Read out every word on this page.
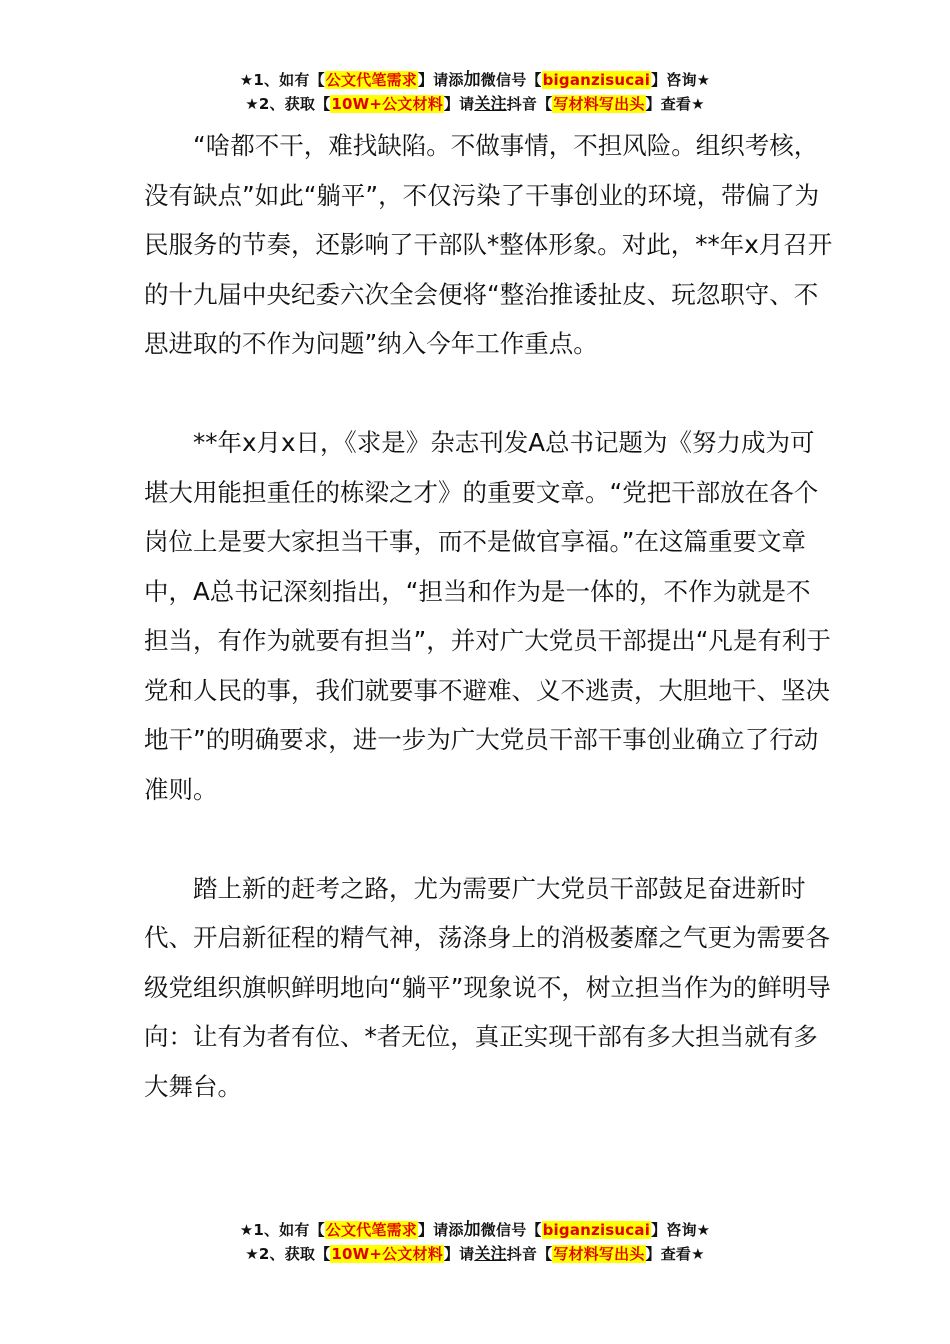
★1、如有【公文代笔需求】请添加微信号【biganzisucai】咨询★
★2、获取【10W+公文材料】请关注抖音【写材料写出头】查看★

“啥都不干，难找缺陷。不做事情，不担风险。组织考核，没有缺点”如此“躺平”，不仅污染了干事创业的环境，带偏了为民服务的节奏，还影响了干部队*整体形象。对此，**年x月召开的十九届中央纪委六次全会便将“整治推诿扯皮、玩忽职守、不思进取的不作为问题”纳入今年工作重点。

**年x月x日，《求是》杂志刊发A总书记题为《努力成为可堪大用能担重任的栋梁之才》的重要文章。“党把干部放在各个岗位上是要大家担当干事，而不是做官享福。”在这篇重要文章中，A总书记深刻指出，“担当和作为是一体的，不作为就是不担当，有作为就要有担当”，并对广大党员干部提出“凡是有利于党和人民的事，我们就要事不避难、义不逃责，大胆地干、坚决地干”的明确要求，进一步为广大党员干部干事创业确立了行动准则。

踏上新的赶考之路，尤为需要广大党员干部鼓足奋进新时代、开启新征程的精气神，荡涤身上的消极萎靡之气更为需要各级党组织旗帜鲜明地向“躺平”现象说不，树立担当作为的鲜明导向：让有为者有位、*者无位，真正实现干部有多大担当就有多大舞台。

★1、如有【公文代笔需求】请添加微信号【biganzisucai】咨询★
★2、获取【10W+公文材料】请关注抖音【写材料写出头】查看★
